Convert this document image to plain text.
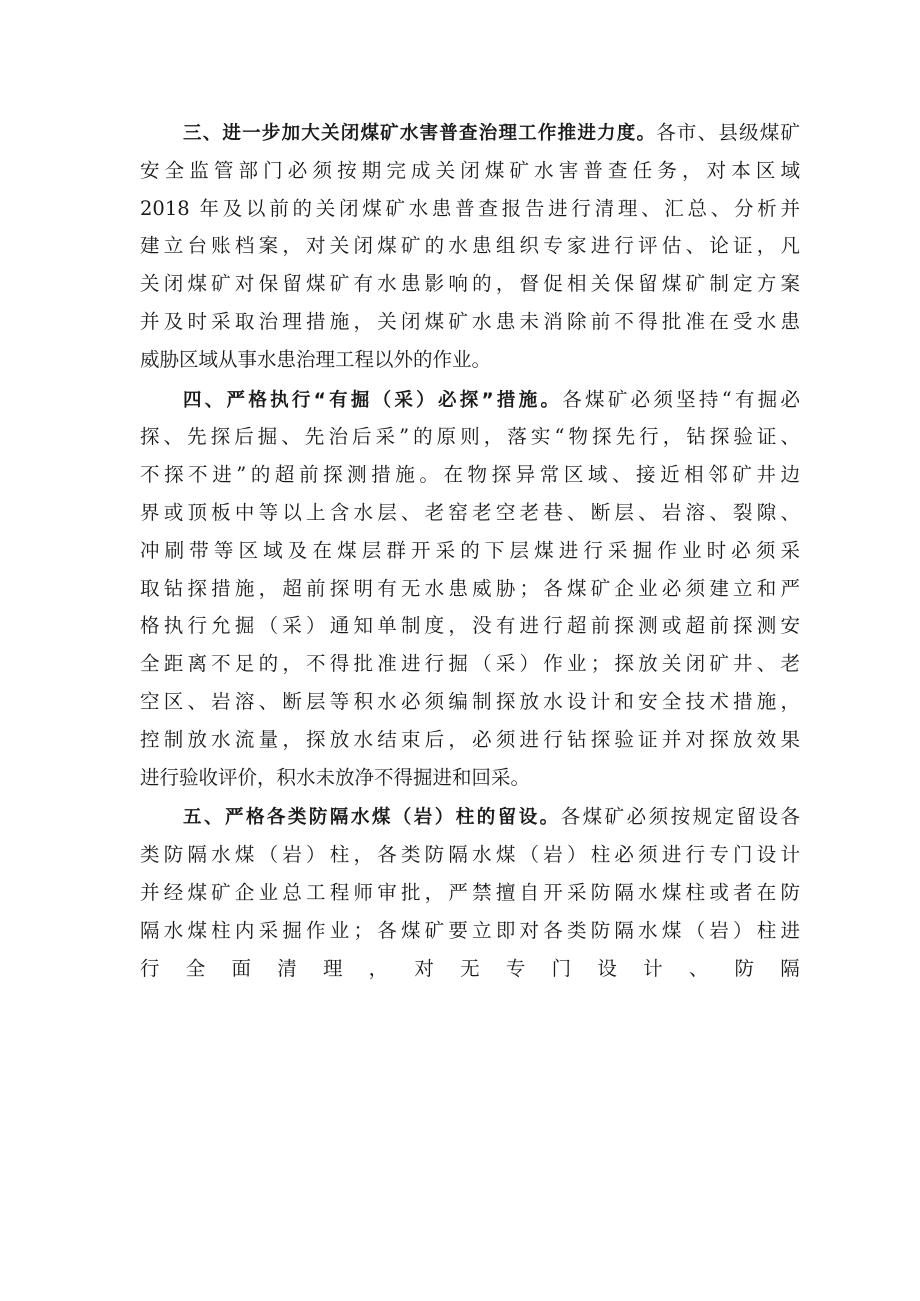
三、进一步加大关闭煤矿水害普查治理工作推进力度。各市、县级煤矿
安全监管部门必须按期完成关闭煤矿水害普查任务，对本区域
2018 年及以前的关闭煤矿水患普查报告进行清理、汇总、分析并
建立台账档案，对关闭煤矿的水患组织专家进行评估、论证，凡
关闭煤矿对保留煤矿有水患影响的，督促相关保留煤矿制定方案
并及时采取治理措施，关闭煤矿水患未消除前不得批准在受水患
威胁区域从事水患治理工程以外的作业。
四、严格执行“有掘（采）必探”措施。各煤矿必须坚持“有掘必
探、先探后掘、先治后采”的原则，落实“物探先行，钻探验证、
不探不进”的超前探测措施。在物探异常区域、接近相邻矿井边
界或顶板中等以上含水层、老窑老空老巷、断层、岩溶、裂隙、
冲刷带等区域及在煤层群开采的下层煤进行采掘作业时必须采
取钻探措施，超前探明有无水患威胁；各煤矿企业必须建立和严
格执行允掘（采）通知单制度，没有进行超前探测或超前探测安
全距离不足的，不得批准进行掘（采）作业；探放关闭矿井、老
空区、岩溶、断层等积水必须编制探放水设计和安全技术措施，
控制放水流量，探放水结束后，必须进行钻探验证并对探放效果
进行验收评价，积水未放净不得掘进和回采。
五、严格各类防隔水煤（岩）柱的留设。各煤矿必须按规定留设各
类防隔水煤（岩）柱，各类防隔水煤（岩）柱必须进行专门设计
并经煤矿企业总工程师审批，严禁擅自开采防隔水煤柱或者在防
隔水煤柱内采掘作业；各煤矿要立即对各类防隔水煤（岩）柱进
行 全 面 清 理 ， 对 无 专 门 设 计 、 防 隔
